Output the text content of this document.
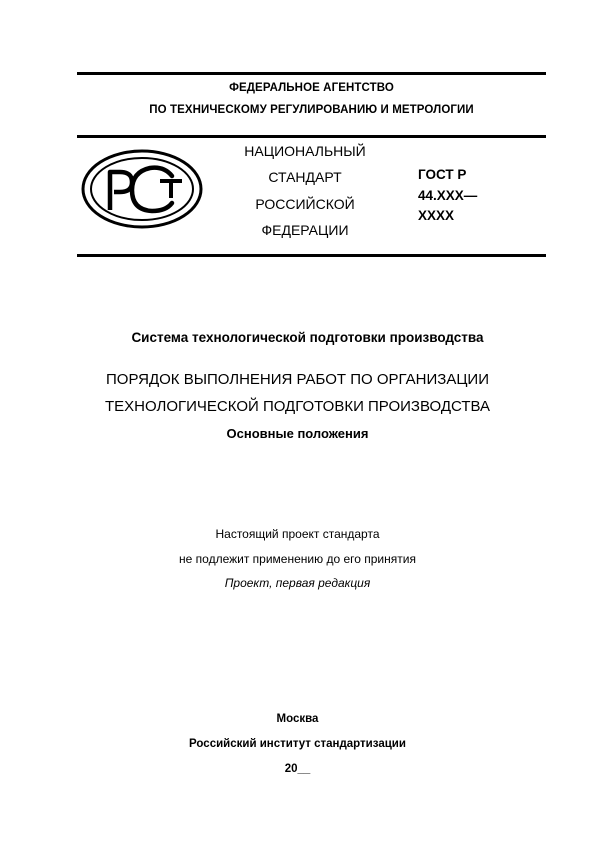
ФЕДЕРАЛЬНОЕ АГЕНТСТВО
ПО ТЕХНИЧЕСКОМУ РЕГУЛИРОВАНИЮ И МЕТРОЛОГИИ
НАЦИОНАЛЬНЫЙ
СТАНДАРТ
РОССИЙСКОЙ
ФЕДЕРАЦИИ
ГОСТ Р
44.XXX—
XXXX
Система технологической подготовки производства
ПОРЯДОК ВЫПОЛНЕНИЯ РАБОТ ПО ОРГАНИЗАЦИИ
ТЕХНОЛОГИЧЕСКОЙ ПОДГОТОВКИ ПРОИЗВОДСТВА
Основные положения
Настоящий проект стандарта
не подлежит применению до его принятия
Проект, первая редакция
Москва
Российский институт стандартизации
20__
